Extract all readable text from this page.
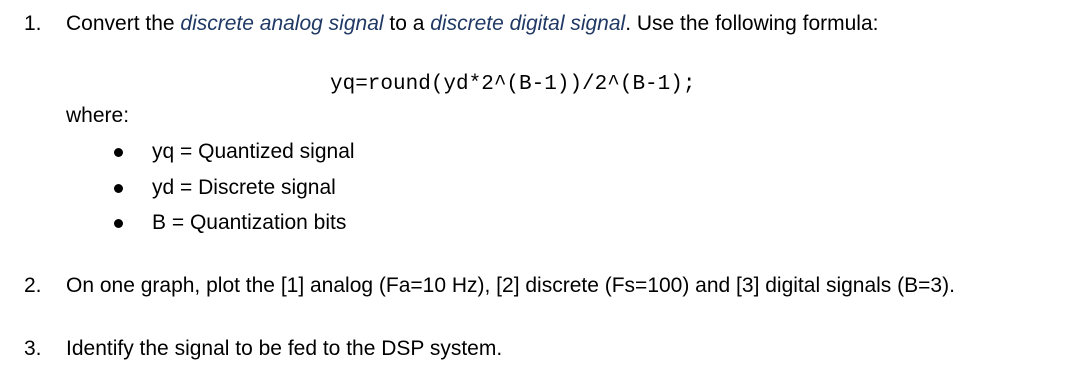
1. Convert the discrete analog signal to a discrete digital signal. Use the following formula:
yq=round(yd*2^(B-1))/2^(B-1);
where:
yq = Quantized signal
yd = Discrete signal
B = Quantization bits
2. On one graph, plot the [1] analog (Fa=10 Hz), [2] discrete (Fs=100) and [3] digital signals (B=3).
3. Identify the signal to be fed to the DSP system.
